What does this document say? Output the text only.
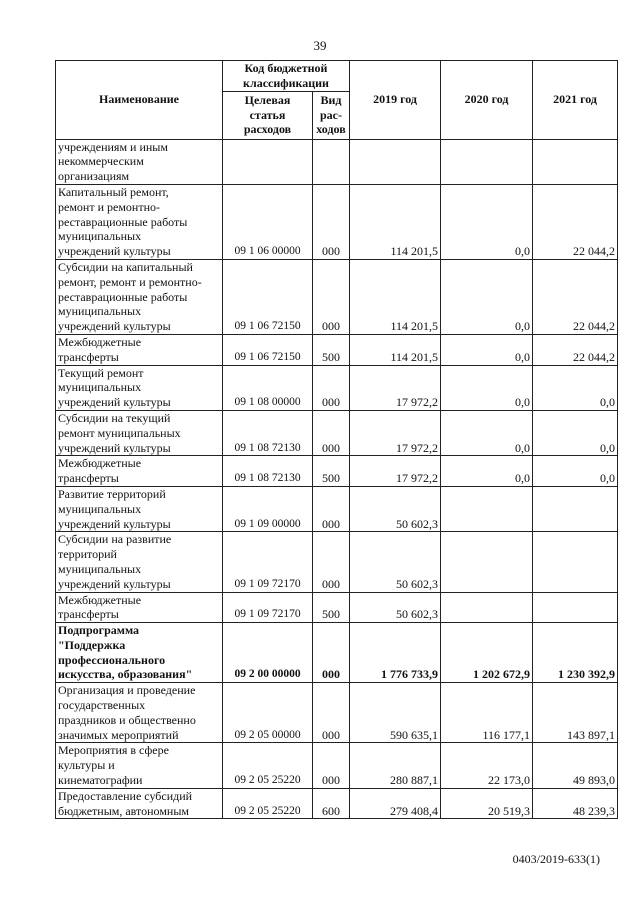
39
Наименование	Код бюджетной
классификации		2019 год	2020 год	2021 год

	Целевая
статья
расходов	Вид
рас-
ходов			

учреждениям и иным
некоммерческим
организациям					

Капитальный ремонт,
ремонт и ремонтно-
реставрационные работы
муниципальных
учреждений культуры	09 1 06 00000	000	114 201,5	0,0	22 044,2

Субсидии на капитальный
ремонт, ремонт и ремонтно-
реставрационные работы
муниципальных
учреждений культуры	09 1 06 72150	000	114 201,5	0,0	22 044,2

Межбюджетные
трансферты	09 1 06 72150	500	114 201,5	0,0	22 044,2

Текущий ремонт
муниципальных
учреждений культуры	09 1 08 00000	000	17 972,2	0,0	0,0

Субсидии на текущий
ремонт муниципальных
учреждений культуры	09 1 08 72130	000	17 972,2	0,0	0,0

Межбюджетные
трансферты	09 1 08 72130	500	17 972,2	0,0	0,0

Развитие территорий
муниципальных
учреждений культуры	09 1 09 00000	000	50 602,3		

Субсидии на развитие
территорий
муниципальных
учреждений культуры	09 1 09 72170	000	50 602,3		

Межбюджетные
трансферты	09 1 09 72170	500	50 602,3		

Подпрограмма
"Поддержка
профессионального
искусства, образования"	09 2 00 00000	000	1 776 733,9	1 202 672,9	1 230 392,9

Организация и проведение
государственных
праздников и общественно
значимых мероприятий	09 2 05 00000	000	590 635,1	116 177,1	143 897,1

Мероприятия в сфере
культуры и
кинематографии	09 2 05 25220	000	280 887,1	22 173,0	49 893,0

Предоставление субсидий
бюджетным, автономным	09 2 05 25220	600	279 408,4	20 519,3	48 239,3
0403/2019-633(1)
